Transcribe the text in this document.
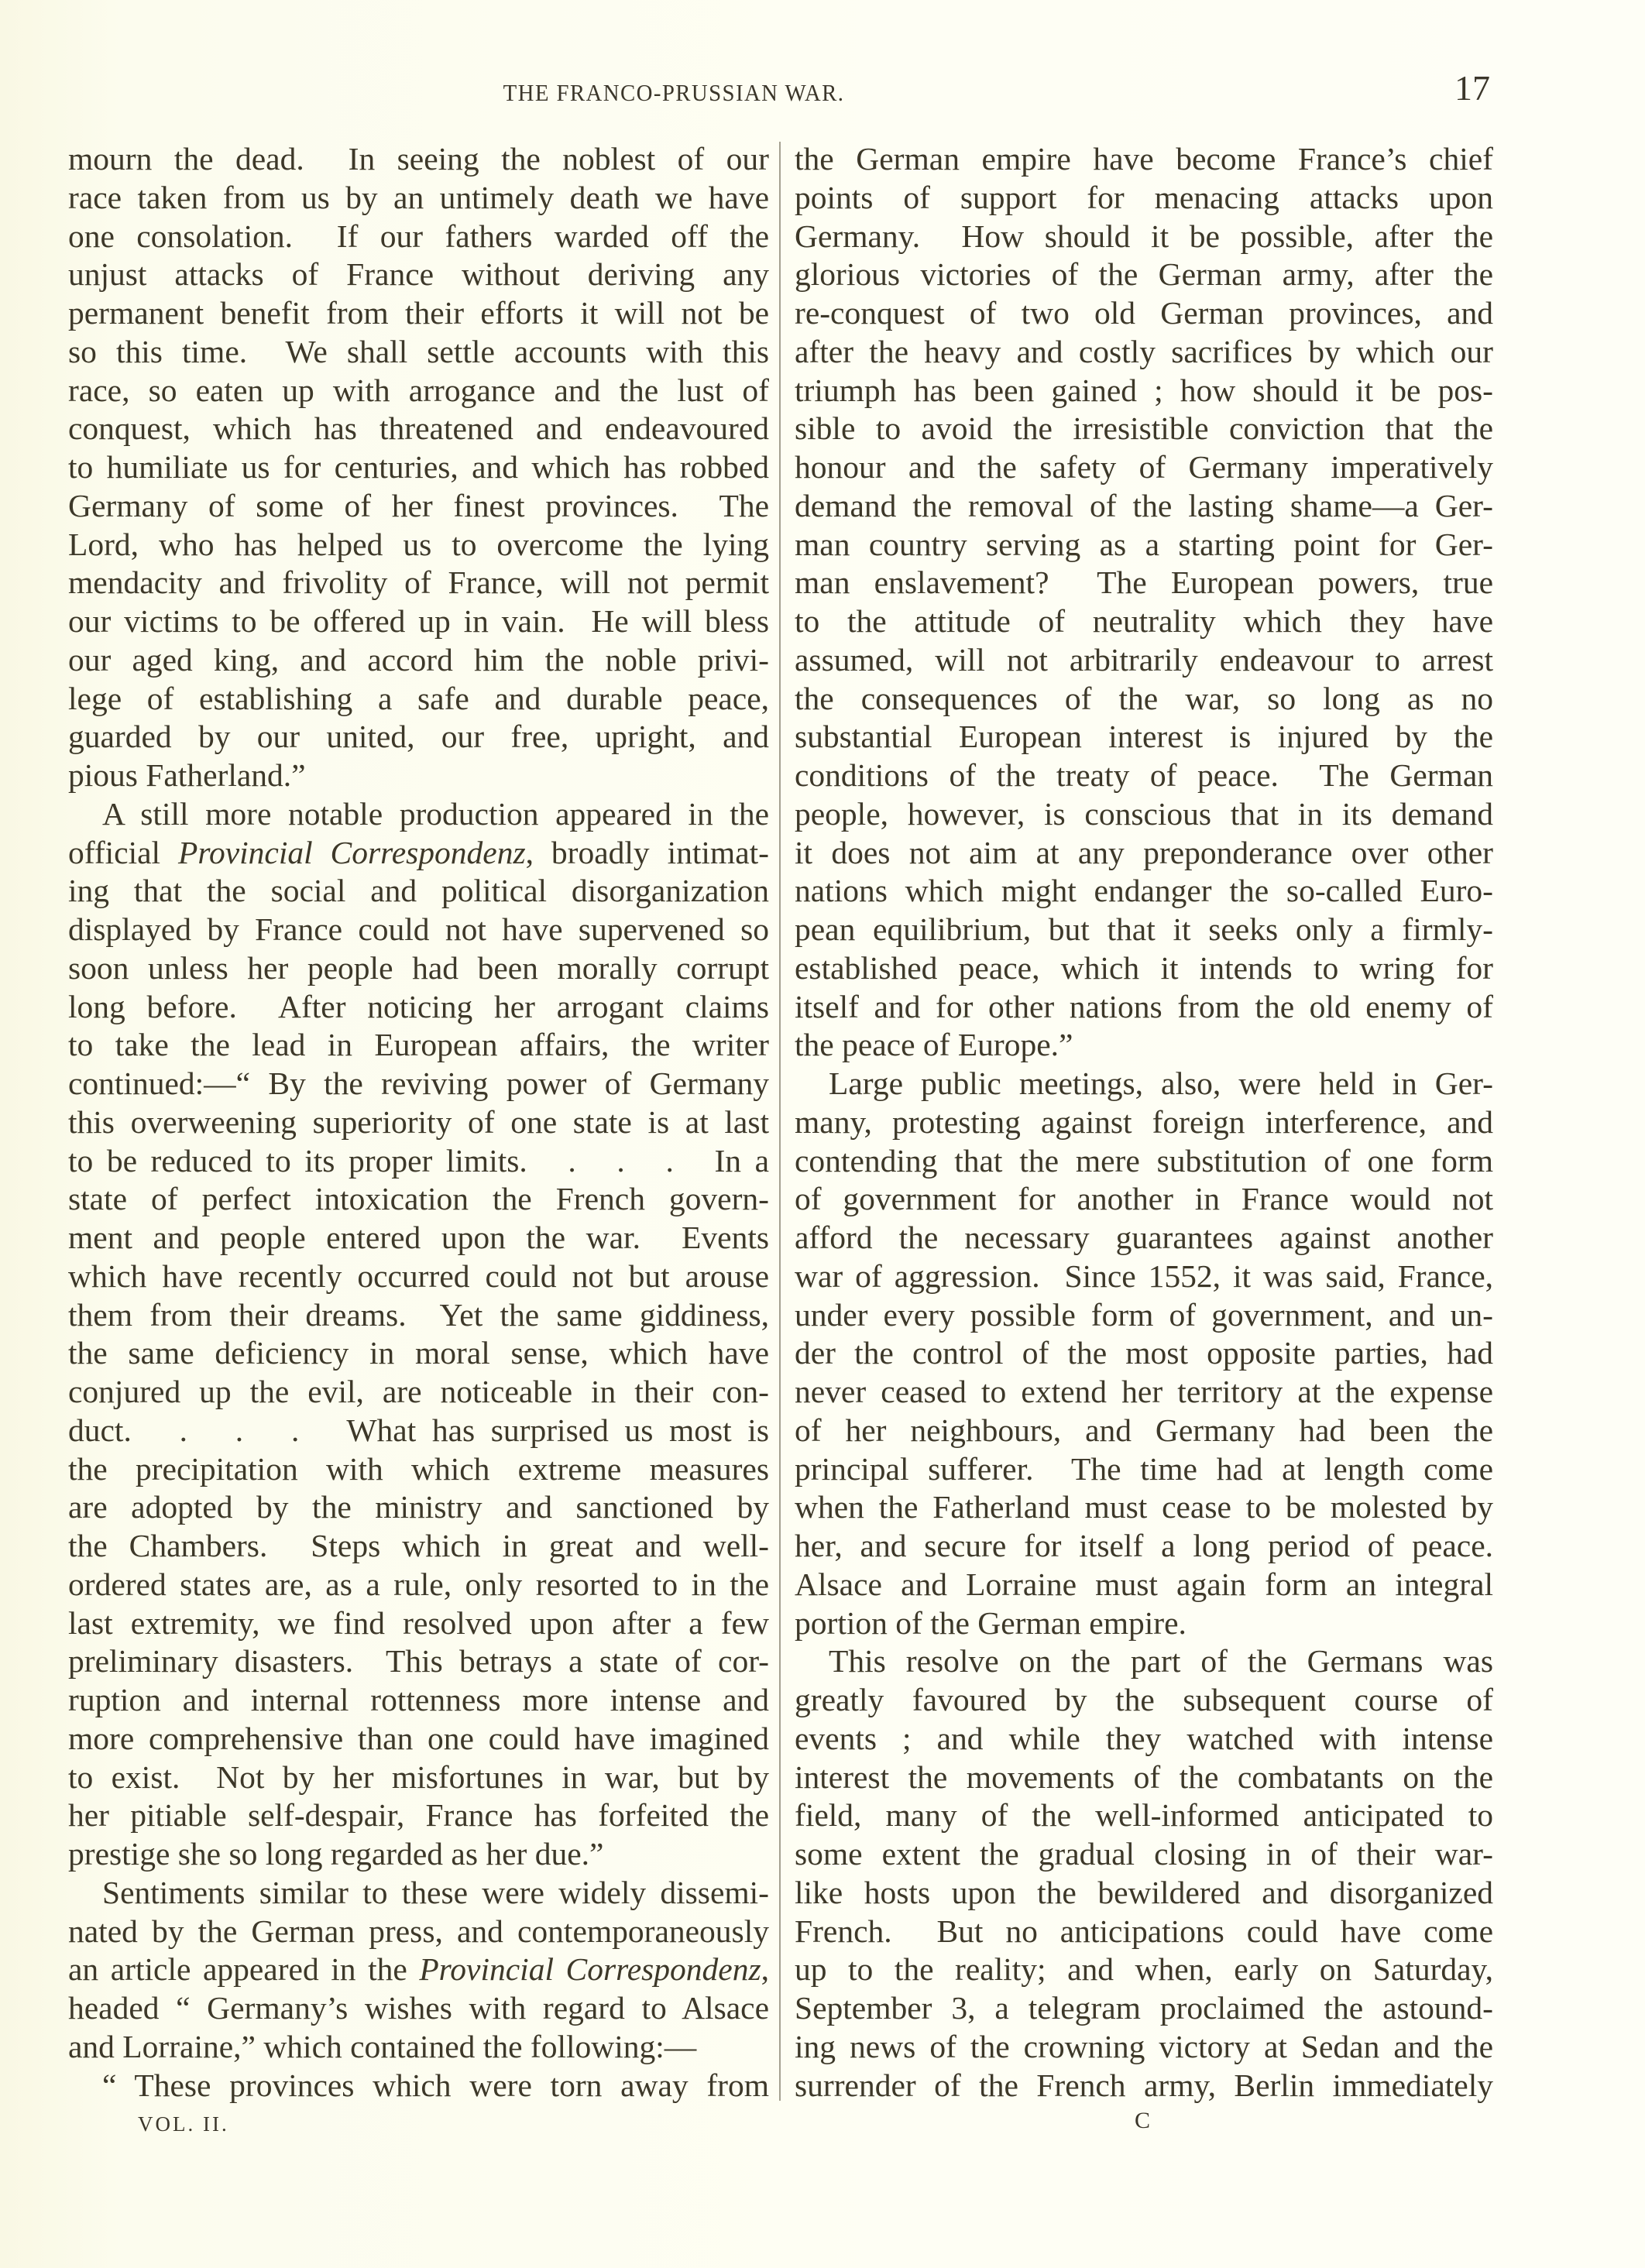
THE FRANCO-PRUSSIAN WAR.	17
mourn the dead.  In seeing the noblest of our
race taken from us by an untimely death we have
one consolation.  If our fathers warded off the
unjust attacks of France without deriving any
permanent benefit from their efforts it will not be
so this time.  We shall settle accounts with this
race, so eaten up with arrogance and the lust of
conquest, which has threatened and endeavoured
to humiliate us for centuries, and which has robbed
Germany of some of her finest provinces.  The
Lord, who has helped us to overcome the lying
mendacity and frivolity of France, will not permit
our victims to be offered up in vain.  He will bless
our aged king, and accord him the noble privi-
lege of establishing a safe and durable peace,
guarded by our united, our free, upright, and
pious Fatherland.”
A still more notable production appeared in the
official Provincial Correspondenz, broadly intimat-
ing that the social and political disorganization
displayed by France could not have supervened so
soon unless her people had been morally corrupt
long before.  After noticing her arrogant claims
to take the lead in European affairs, the writer
continued:—“ By the reviving power of Germany
this overweening superiority of one state is at last
to be reduced to its proper limits.   .   .   .   In a
state of perfect intoxication the French govern-
ment and people entered upon the war.  Events
which have recently occurred could not but arouse
them from their dreams.  Yet the same giddiness,
the same deficiency in moral sense, which have
conjured up the evil, are noticeable in their con-
duct.   .   .   .   What has surprised us most is
the precipitation with which extreme measures
are adopted by the ministry and sanctioned by
the Chambers.  Steps which in great and well-
ordered states are, as a rule, only resorted to in the
last extremity, we find resolved upon after a few
preliminary disasters.  This betrays a state of cor-
ruption and internal rottenness more intense and
more comprehensive than one could have imagined
to exist.  Not by her misfortunes in war, but by
her pitiable self-despair, France has forfeited the
prestige she so long regarded as her due.”
Sentiments similar to these were widely dissemi-
nated by the German press, and contemporaneously
an article appeared in the Provincial Correspondenz,
headed “ Germany’s wishes with regard to Alsace
and Lorraine,” which contained the following:—
“ These provinces which were torn away from
the German empire have become France’s chief
points of support for menacing attacks upon
Germany.  How should it be possible, after the
glorious victories of the German army, after the
re-conquest of two old German provinces, and
after the heavy and costly sacrifices by which our
triumph has been gained ; how should it be pos-
sible to avoid the irresistible conviction that the
honour and the safety of Germany imperatively
demand the removal of the lasting shame—a Ger-
man country serving as a starting point for Ger-
man enslavement?  The European powers, true
to the attitude of neutrality which they have
assumed, will not arbitrarily endeavour to arrest
the consequences of the war, so long as no
substantial European interest is injured by the
conditions of the treaty of peace.  The German
people, however, is conscious that in its demand
it does not aim at any preponderance over other
nations which might endanger the so-called Euro-
pean equilibrium, but that it seeks only a firmly-
established peace, which it intends to wring for
itself and for other nations from the old enemy of
the peace of Europe.”
Large public meetings, also, were held in Ger-
many, protesting against foreign interference, and
contending that the mere substitution of one form
of government for another in France would not
afford the necessary guarantees against another
war of aggression.  Since 1552, it was said, France,
under every possible form of government, and un-
der the control of the most opposite parties, had
never ceased to extend her territory at the expense
of her neighbours, and Germany had been the
principal sufferer.  The time had at length come
when the Fatherland must cease to be molested by
her, and secure for itself a long period of peace.
Alsace and Lorraine must again form an integral
portion of the German empire.
This resolve on the part of the Germans was
greatly favoured by the subsequent course of
events ; and while they watched with intense
interest the movements of the combatants on the
field, many of the well-informed anticipated to
some extent the gradual closing in of their war-
like hosts upon the bewildered and disorganized
French.  But no anticipations could have come
up to the reality; and when, early on Saturday,
September 3, a telegram proclaimed the astound-
ing news of the crowning victory at Sedan and the
surrender of the French army, Berlin immediately
VOL. II.	C
